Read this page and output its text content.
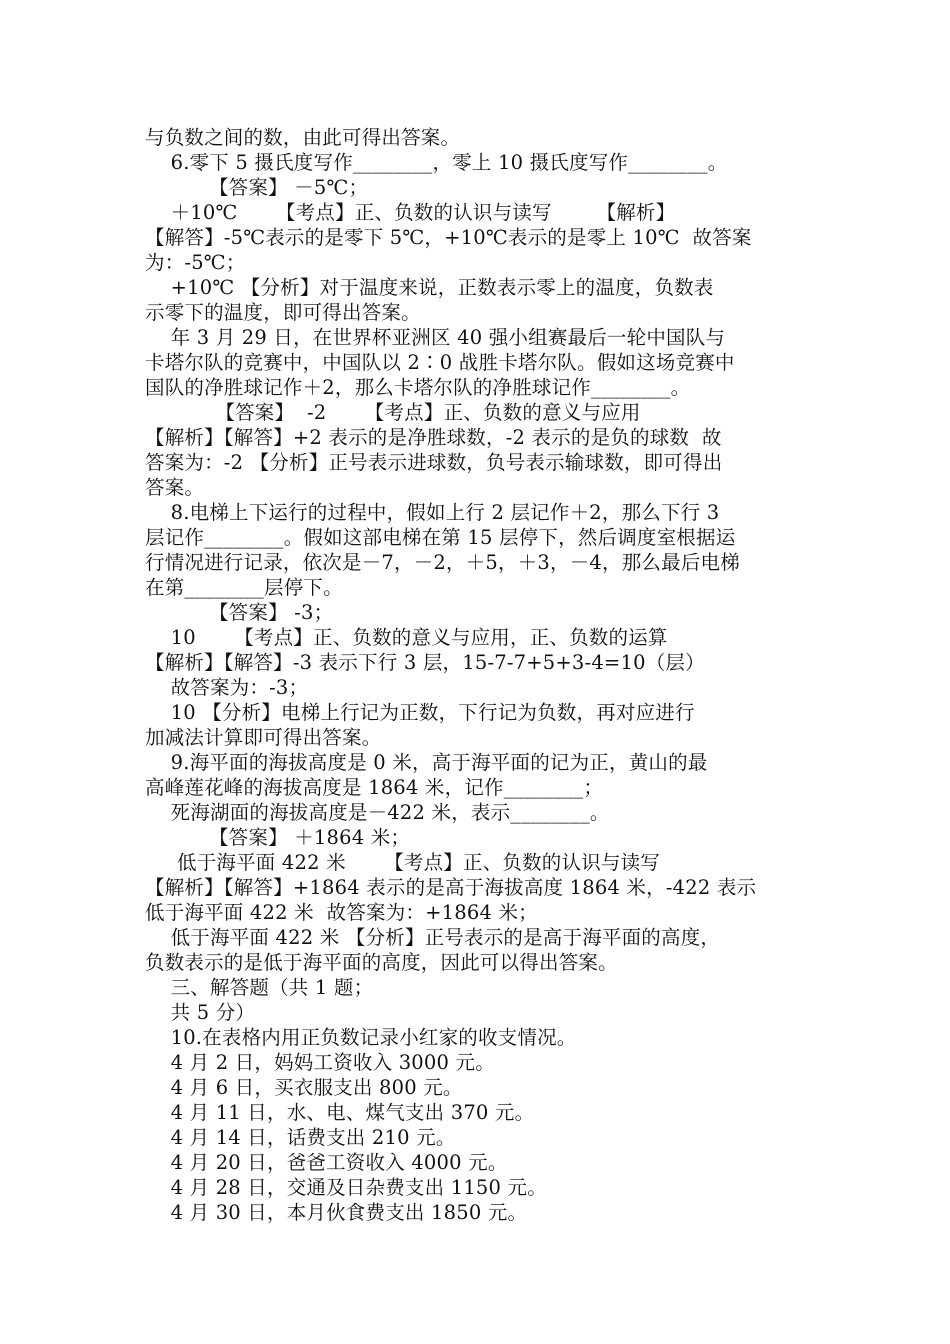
与负数之间的数，由此可得出答案。
6.零下 5 摄氏度写作________，零上 10 摄氏度写作________。
【答案】 －5℃；
＋10℃      【考点】正、负数的认识与读写       【解析】
【解答】-5℃表示的是零下 5℃，+10℃表示的是零上 10℃  故答案
为：-5℃；
+10℃ 【分析】对于温度来说，正数表示零上的温度，负数表
示零下的温度，即可得出答案。
年 3 月 29 日，在世界杯亚洲区 40 强小组赛最后一轮中国队与
卡塔尔队的竞赛中，中国队以 2∶0 战胜卡塔尔队。假如这场竞赛中
国队的净胜球记作＋2，那么卡塔尔队的净胜球记作________。
【答案】  -2      【考点】正、负数的意义与应用
【解析】【解答】+2 表示的是净胜球数，-2 表示的是负的球数  故
答案为：-2 【分析】正号表示进球数，负号表示输球数，即可得出
答案。
8.电梯上下运行的过程中，假如上行 2 层记作＋2，那么下行 3
层记作________。假如这部电梯在第 15 层停下，然后调度室根据运
行情况进行记录，依次是－7，－2，＋5，＋3，－4，那么最后电梯
在第________层停下。
【答案】 -3；
10      【考点】正、负数的意义与应用，正、负数的运算
【解析】【解答】-3 表示下行 3 层，15-7-7+5+3-4=10（层）
故答案为：-3；
10 【分析】电梯上行记为正数，下行记为负数，再对应进行
加减法计算即可得出答案。
9.海平面的海拔高度是 0 米，高于海平面的记为正，黄山的最
高峰莲花峰的海拔高度是 1864 米，记作________；
死海湖面的海拔高度是－422 米，表示________。
【答案】 ＋1864 米；
低于海平面 422 米      【考点】正、负数的认识与读写
【解析】【解答】+1864 表示的是高于海拔高度 1864 米，-422 表示
低于海平面 422 米  故答案为：+1864 米；
低于海平面 422 米 【分析】正号表示的是高于海平面的高度，
负数表示的是低于海平面的高度，因此可以得出答案。
三、解答题（共 1 题；
共 5 分）
10.在表格内用正负数记录小红家的收支情况。
4 月 2 日，妈妈工资收入 3000 元。
4 月 6 日，买衣服支出 800 元。
4 月 11 日，水、电、煤气支出 370 元。
4 月 14 日，话费支出 210 元。
4 月 20 日，爸爸工资收入 4000 元。
4 月 28 日，交通及日杂费支出 1150 元。
4 月 30 日，本月伙食费支出 1850 元。
